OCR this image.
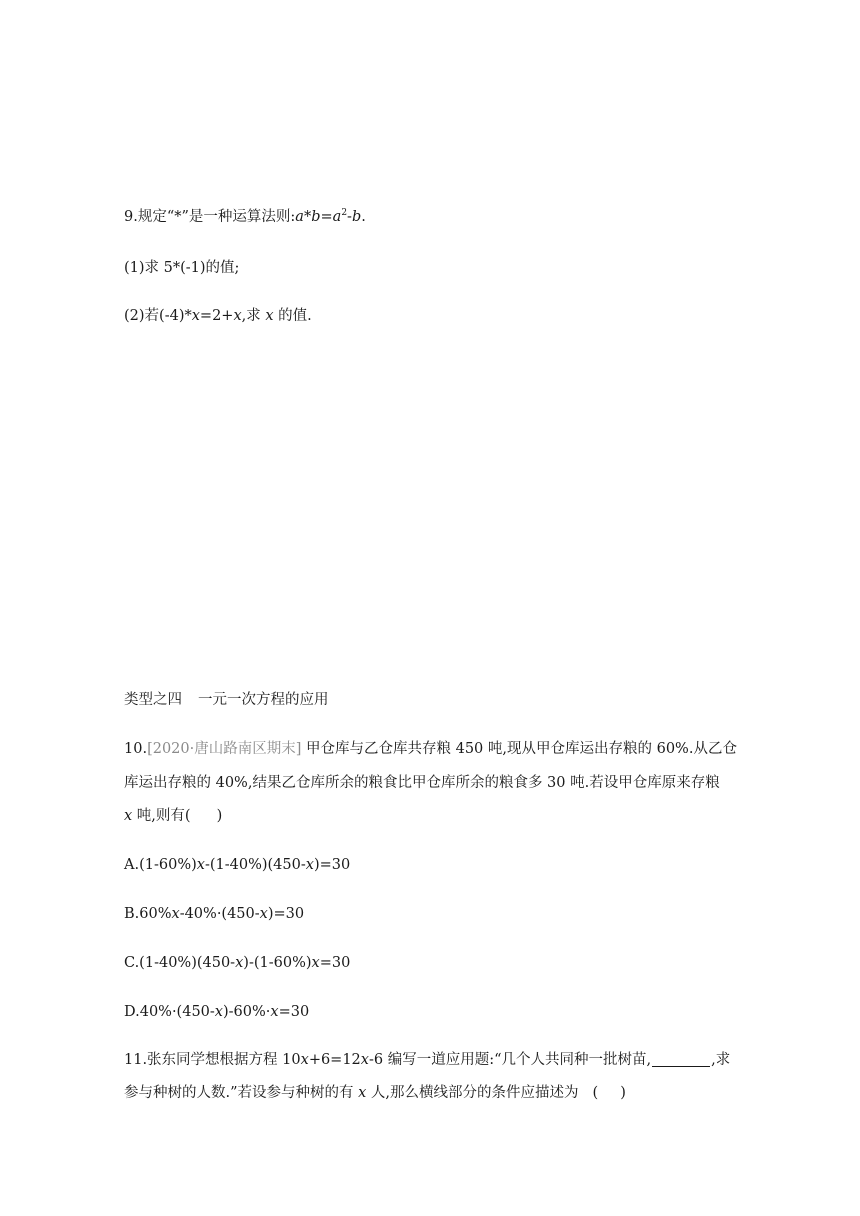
9.规定“*”是一种运算法则$:a*b=a^2-b$.
(1)求 5*(-1)的值;
(2)若(-4)*x=2+x,求 x 的值.
类型之四 一元一次方程的应用
10.[2020·唐山路南区期末] 甲仓库与乙仓库共存粮 450 吨,现从甲仓库运出存粮的 60%.从乙仓
库运出存粮的 40%,结果乙仓库所余的粮食比甲仓库所余的粮食多 30 吨.若设甲仓库原来存粮
x 吨,则有( )
A.(1-60%)x-(1-40%)(450-x)=30
B.60%x-40%·(450-x)=30
C.(1-40%)(450-x)-(1-60%)x=30
D.40%·(450-x)-60%·x=30
11.张东同学想根据方程 10x+6=12x-6 编写一道应用题:“几个人共同种一批树苗,	,求
参与种树的人数.”若设参与种树的有 x 人,那么横线部分的条件应描述为 ( )
